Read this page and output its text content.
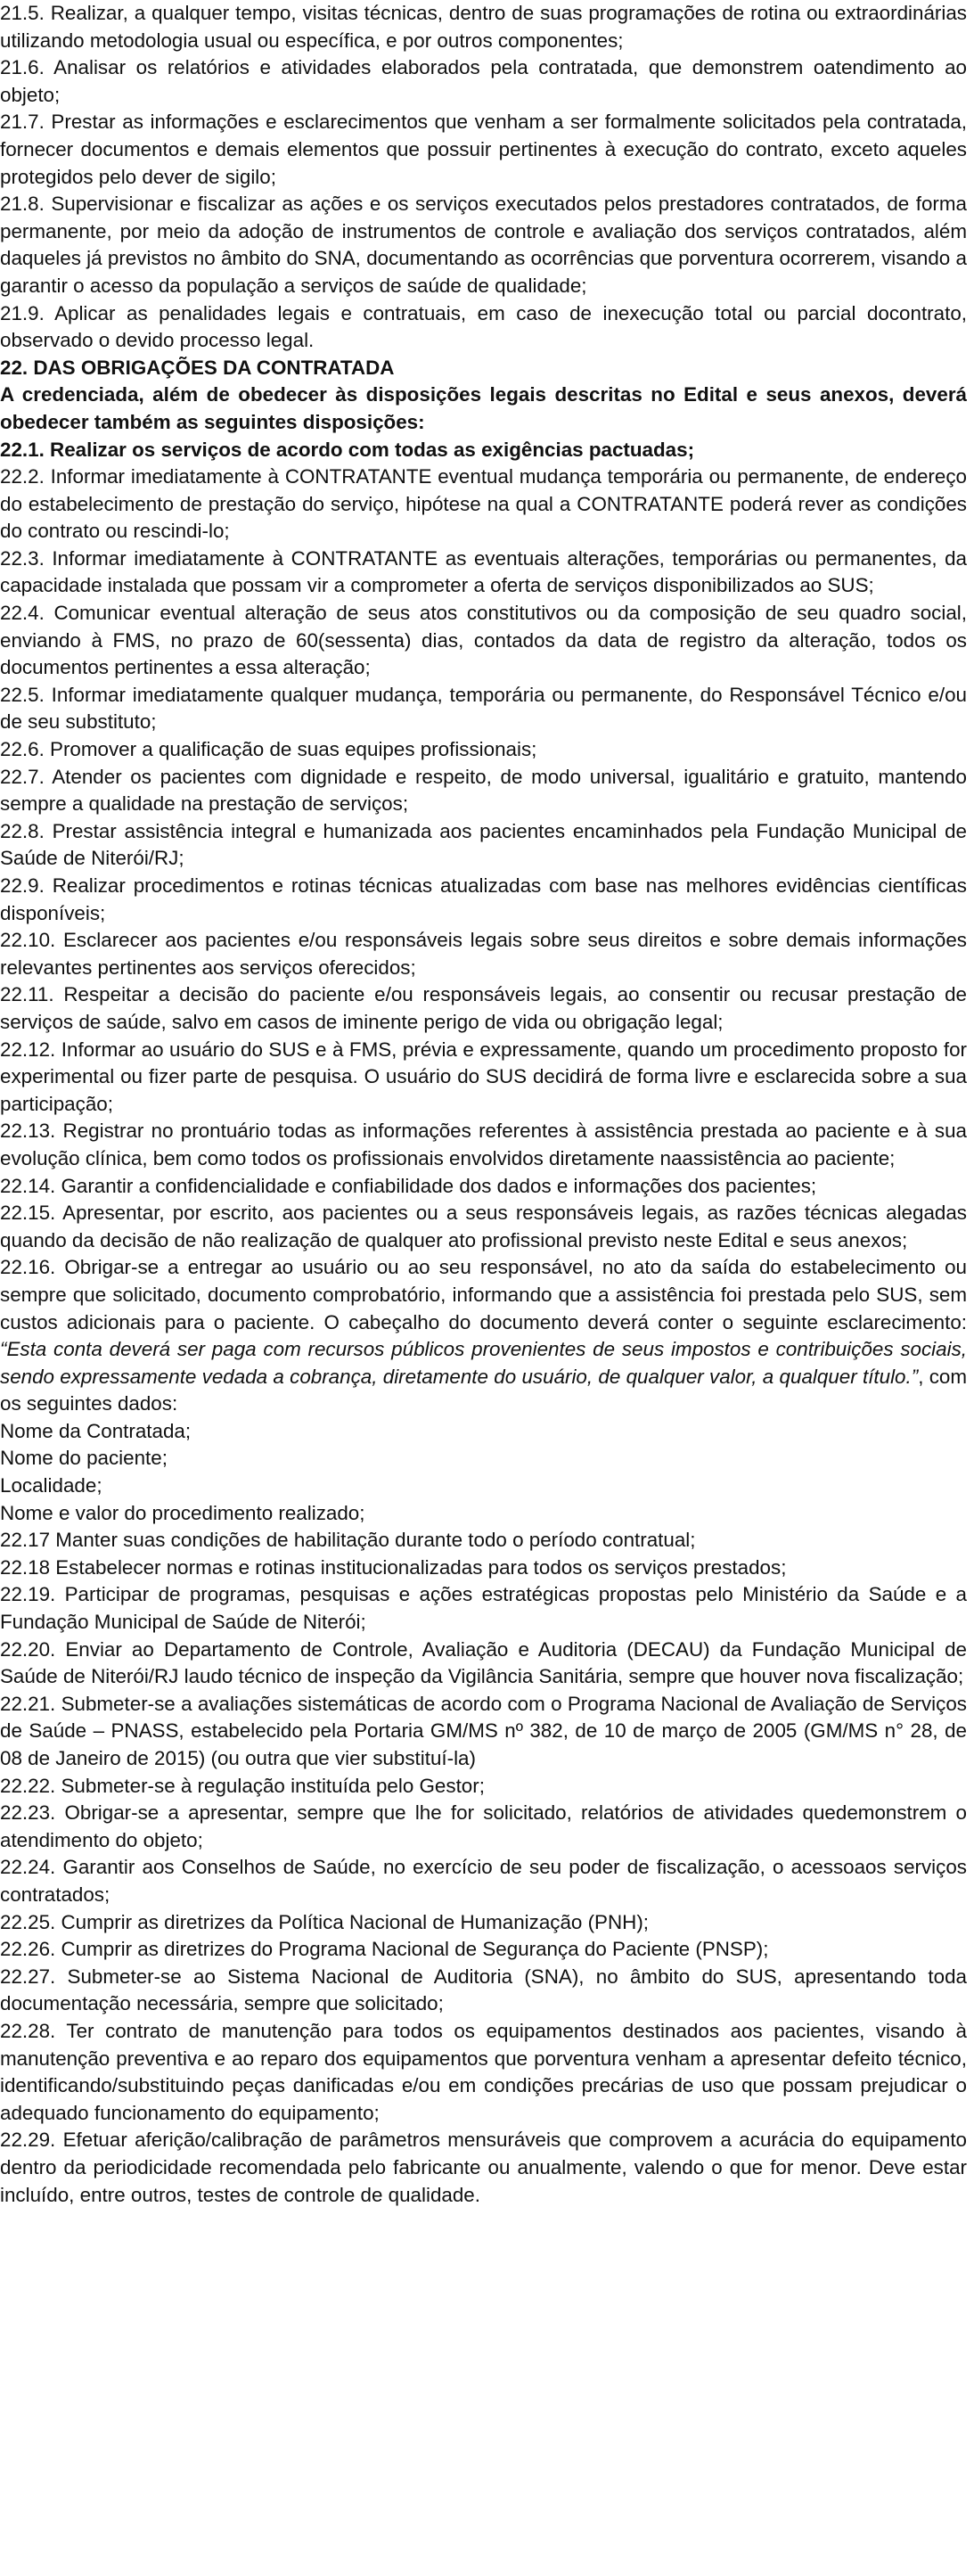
21.5. Realizar, a qualquer tempo, visitas técnicas, dentro de suas programações de rotina ou extraordinárias utilizando metodologia usual ou específica, e por outros componentes;

21.6. Analisar os relatórios e atividades elaborados pela contratada, que demonstrem oatendimento ao objeto;

21.7. Prestar as informações e esclarecimentos que venham a ser formalmente solicitados pela contratada, fornecer documentos e demais elementos que possuir pertinentes à execução do contrato, exceto aqueles protegidos pelo dever de sigilo;

21.8. Supervisionar e fiscalizar as ações e os serviços executados pelos prestadores contratados, de forma permanente, por meio da adoção de instrumentos de controle e avaliação dos serviços contratados, além daqueles já previstos no âmbito do SNA, documentando as ocorrências que porventura ocorrerem, visando a garantir o acesso da população a serviços de saúde de qualidade;

21.9. Aplicar as penalidades legais e contratuais, em caso de inexecução total ou parcial docontrato, observado o devido processo legal.

22. DAS OBRIGAÇÕES DA CONTRATADA

A credenciada, além de obedecer às disposições legais descritas no Edital e seus anexos, deverá obedecer também as seguintes disposições:

22.1. Realizar os serviços de acordo com todas as exigências pactuadas;

22.2. Informar imediatamente à CONTRATANTE eventual mudança temporária ou permanente, de endereço do estabelecimento de prestação do serviço, hipótese na qual a CONTRATANTE poderá rever as condições do contrato ou rescindi-lo;

22.3. Informar imediatamente à CONTRATANTE as eventuais alterações, temporárias ou permanentes, da capacidade instalada que possam vir a comprometer a oferta de serviços disponibilizados ao SUS;

22.4. Comunicar eventual alteração de seus atos constitutivos ou da composição de seu quadro social, enviando à FMS, no prazo de 60(sessenta) dias, contados da data de registro da alteração, todos os documentos pertinentes a essa alteração;

22.5. Informar imediatamente qualquer mudança, temporária ou permanente, do Responsável Técnico e/ou de seu substituto;

22.6. Promover a qualificação de suas equipes profissionais;

22.7. Atender os pacientes com dignidade e respeito, de modo universal, igualitário e gratuito, mantendo sempre a qualidade na prestação de serviços;

22.8. Prestar assistência integral e humanizada aos pacientes encaminhados pela Fundação Municipal de Saúde de Niterói/RJ;

22.9. Realizar procedimentos e rotinas técnicas atualizadas com base nas melhores evidências científicas disponíveis;

22.10. Esclarecer aos pacientes e/ou responsáveis legais sobre seus direitos e sobre demais informações relevantes pertinentes aos serviços oferecidos;

22.11. Respeitar a decisão do paciente e/ou responsáveis legais, ao consentir ou recusar prestação de serviços de saúde, salvo em casos de iminente perigo de vida ou obrigação legal;

22.12. Informar ao usuário do SUS e à FMS, prévia e expressamente, quando um procedimento proposto for experimental ou fizer parte de pesquisa. O usuário do SUS decidirá de forma livre e esclarecida sobre a sua participação;

22.13. Registrar no prontuário todas as informações referentes à assistência prestada ao paciente e à sua evolução clínica, bem como todos os profissionais envolvidos diretamente naassistência ao paciente;

22.14. Garantir a confidencialidade e confiabilidade dos dados e informações dos pacientes;

22.15. Apresentar, por escrito, aos pacientes ou a seus responsáveis legais, as razões técnicas alegadas quando da decisão de não realização de qualquer ato profissional previsto neste Edital e seus anexos;

22.16. Obrigar-se a entregar ao usuário ou ao seu responsável, no ato da saída do estabelecimento ou sempre que solicitado, documento comprobatório, informando que a assistência foi prestada pelo SUS, sem custos adicionais para o paciente. O cabeçalho do documento deverá conter o seguinte esclarecimento: “Esta conta deverá ser paga com recursos públicos provenientes de seus impostos e contribuições sociais, sendo expressamente vedada a cobrança, diretamente do usuário, de qualquer valor, a qualquer título.”, com os seguintes dados:

Nome da Contratada;

Nome do paciente;

Localidade;

Nome e valor do procedimento realizado;

22.17 Manter suas condições de habilitação durante todo o período contratual;

22.18 Estabelecer normas e rotinas institucionalizadas para todos os serviços prestados;

22.19. Participar de programas, pesquisas e ações estratégicas propostas pelo Ministério da Saúde e a Fundação Municipal de Saúde de Niterói;

22.20. Enviar ao Departamento de Controle, Avaliação e Auditoria (DECAU) da Fundação Municipal de Saúde de Niterói/RJ laudo técnico de inspeção da Vigilância Sanitária, sempre que houver nova fiscalização;

22.21. Submeter-se a avaliações sistemáticas de acordo com o Programa Nacional de Avaliação de Serviços de Saúde – PNASS, estabelecido pela Portaria GM/MS nº 382, de 10 de março de 2005 (GM/MS n° 28, de 08 de Janeiro de 2015) (ou outra que vier substituí-la)

22.22. Submeter-se à regulação instituída pelo Gestor;

22.23. Obrigar-se a apresentar, sempre que lhe for solicitado, relatórios de atividades quedemonstrem o atendimento do objeto;

22.24. Garantir aos Conselhos de Saúde, no exercício de seu poder de fiscalização, o acessoaos serviços contratados;

22.25. Cumprir as diretrizes da Política Nacional de Humanização (PNH);

22.26. Cumprir as diretrizes do Programa Nacional de Segurança do Paciente (PNSP);

22.27. Submeter-se ao Sistema Nacional de Auditoria (SNA), no âmbito do SUS, apresentando toda documentação necessária, sempre que solicitado;

22.28. Ter contrato de manutenção para todos os equipamentos destinados aos pacientes, visando à manutenção preventiva e ao reparo dos equipamentos que porventura venham a apresentar defeito técnico, identificando/substituindo peças danificadas e/ou em condições precárias de uso que possam prejudicar o adequado funcionamento do equipamento;

22.29. Efetuar aferição/calibração de parâmetros mensuráveis que comprovem a acurácia do equipamento dentro da periodicidade recomendada pelo fabricante ou anualmente, valendo o que for menor. Deve estar incluído, entre outros, testes de controle de qualidade.
